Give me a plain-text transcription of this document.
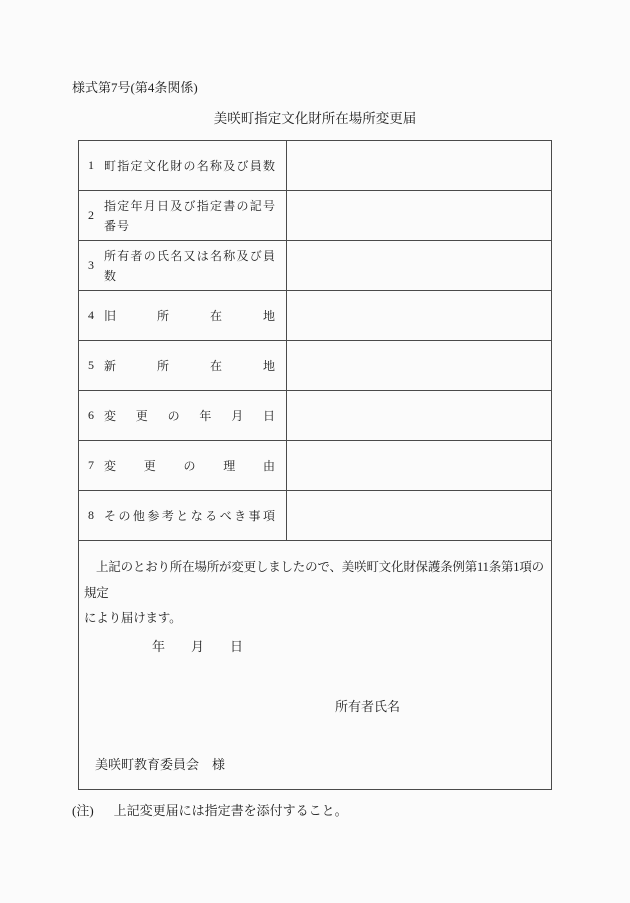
様式第7号(第4条関係)
美咲町指定文化財所在場所変更届
1 町指定文化財の名称及び員数
2
指定年月日及び指定書の記号番号
3
所有者の氏名又は名称及び員数
4 旧所在地
5 新所在地
6 変更の年月日
7 変更の理由
8 その他参考となるべき事項
上記のとおり所在場所が変更しましたので、美咲町文化財保護条例第11条第1項の規定
により届けます。
年　　月　　日
所有者氏名
美咲町教育委員会　様
(注) 上記変更届には指定書を添付すること。
